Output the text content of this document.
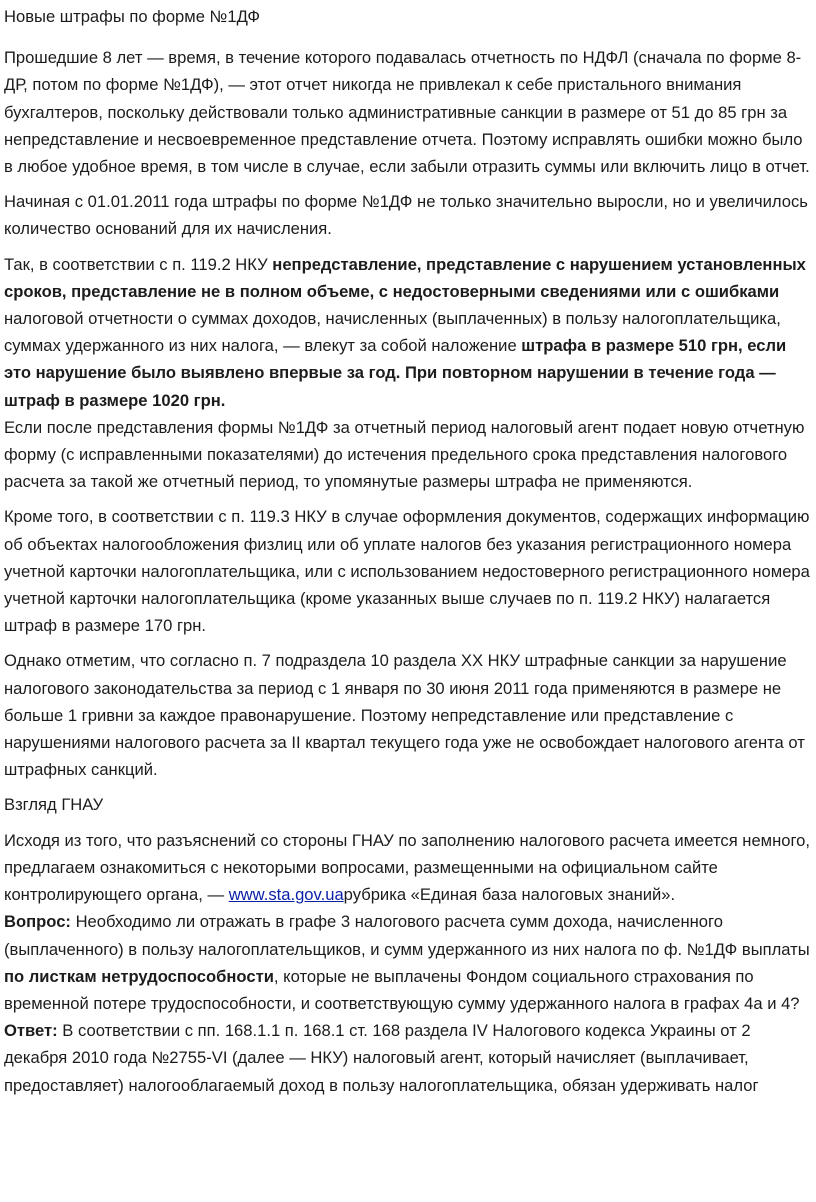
Новые штрафы по форме №1ДФ

Прошедшие 8 лет — время, в течение которого подавалась отчетность по НДФЛ (сначала по форме 8-ДР, потом по форме №1ДФ), — этот отчет никогда не привлекал к себе пристального внимания бухгалтеров, поскольку действовали только административные санкции в размере от 51 до 85 грн за непредставление и несвоевременное представление отчета. Поэтому исправлять ошибки можно было в любое удобное время, в том числе в случае, если забыли отразить суммы или включить лицо в отчет.

Начиная с 01.01.2011 года штрафы по форме №1ДФ не только значительно выросли, но и увеличилось количество оснований для их начисления.

Так, в соответствии с п. 119.2 НКУ непредставление, представление с нарушением установленных сроков, представление не в полном объеме, с недостоверными сведениями или с ошибками налоговой отчетности о суммах доходов, начисленных (выплаченных) в пользу налогоплательщика, суммах удержанного из них налога, — влекут за собой наложение штрафа в размере 510 грн, если это нарушение было выявлено впервые за год. При повторном нарушении в течение года — штраф в размере 1020 грн.

Если после представления формы №1ДФ за отчетный период налоговый агент подает новую отчетную форму (с исправленными показателями) до истечения предельного срока представления налогового расчета за такой же отчетный период, то упомянутые размеры штрафа не применяются.

Кроме того, в соответствии с п. 119.3 НКУ в случае оформления документов, содержащих информацию об объектах налогообложения физлиц или об уплате налогов без указания регистрационного номера учетной карточки налогоплательщика, или с использованием недостоверного регистрационного номера учетной карточки налогоплательщика (кроме указанных выше случаев по п. 119.2 НКУ) налагается штраф в размере 170 грн.

Однако отметим, что согласно п. 7 подраздела 10 раздела XX НКУ штрафные санкции за нарушение налогового законодательства за период с 1 января по 30 июня 2011 года применяются в размере не больше 1 гривни за каждое правонарушение. Поэтому непредставление или представление с нарушениями налогового расчета за II квартал текущего года уже не освобождает налогового агента от штрафных санкций.

Взгляд ГНАУ

Исходя из того, что разъяснений со стороны ГНАУ по заполнению налогового расчета имеется немного, предлагаем ознакомиться с некоторыми вопросами, размещенными на официальном сайте контролирующего органа, — www.sta.gov.uaрубрика «Единая база налоговых знаний».

Вопрос: Необходимо ли отражать в графе 3 налогового расчета сумм дохода, начисленного (выплаченного) в пользу налогоплательщиков, и сумм удержанного из них налога по ф. №1ДФ выплаты по листкам нетрудоспособности, которые не выплачены Фондом социального страхования по временной потере трудоспособности, и соответствующую сумму удержанного налога в графах 4а и 4?

Ответ: В соответствии с пп. 168.1.1 п. 168.1 ст. 168 раздела IV Налогового кодекса Украины от 2 декабря 2010 года №2755-VI (далее — НКУ) налоговый агент, который начисляет (выплачивает, предоставляет) налогооблагаемый доход в пользу налогоплательщика, обязан удерживать налог
